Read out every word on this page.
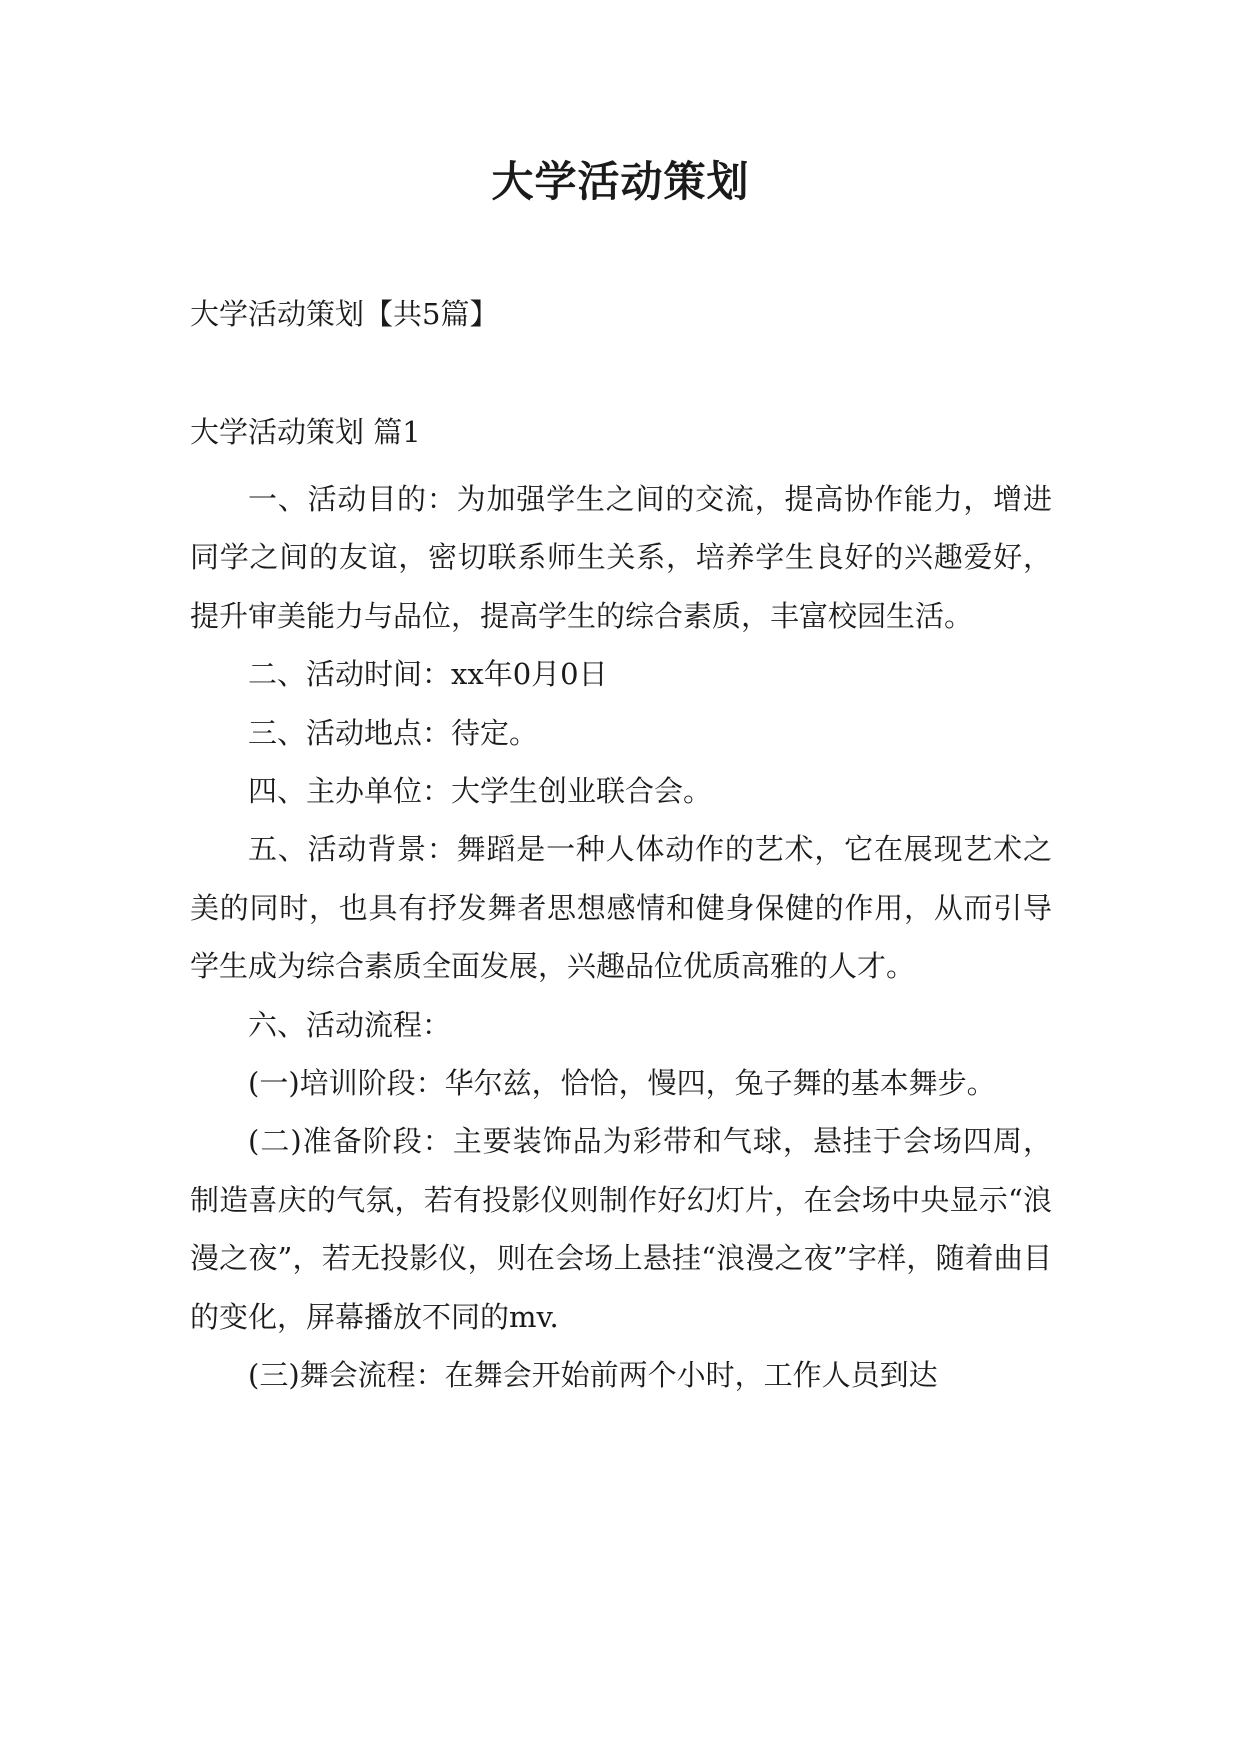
大学活动策划

大学活动策划【共5篇】

大学活动策划 篇1

一、活动目的：为加强学生之间的交流，提高协作能力，增进同学之间的友谊，密切联系师生关系，培养学生良好的兴趣爱好，提升审美能力与品位，提高学生的综合素质，丰富校园生活。

二、活动时间：xx年0月0日

三、活动地点：待定。

四、主办单位：大学生创业联合会。

五、活动背景：舞蹈是一种人体动作的艺术，它在展现艺术之美的同时，也具有抒发舞者思想感情和健身保健的作用，从而引导学生成为综合素质全面发展，兴趣品位优质高雅的人才。

六、活动流程：

(一)培训阶段：华尔兹，恰恰，慢四，兔子舞的基本舞步。

(二)准备阶段：主要装饰品为彩带和气球，悬挂于会场四周，制造喜庆的气氛，若有投影仪则制作好幻灯片，在会场中央显示“浪漫之夜”，若无投影仪，则在会场上悬挂“浪漫之夜”字样，随着曲目的变化，屏幕播放不同的mv.

(三)舞会流程：在舞会开始前两个小时，工作人员到达
